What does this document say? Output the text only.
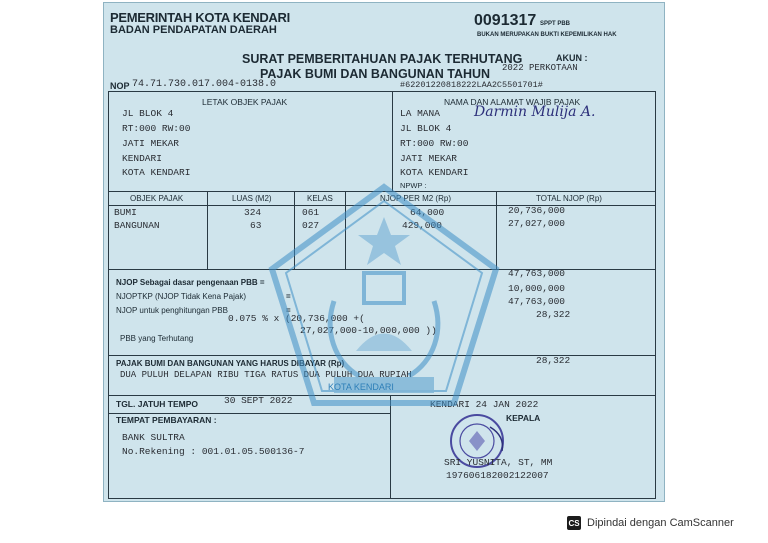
PEMERINTAH KOTA KENDARI
BADAN PENDAPATAN DAERAH
0091317 SPPT PBB
BUKAN MERUPAKAN BUKTI KEPEMILIKAN HAK
SURAT PEMBERITAHUAN PAJAK TERHUTANG
PAJAK BUMI DAN BANGUNAN TAHUN
AKUN :
2022 PERKOTAAN
NOP 74.71.730.017.004-0138.0	#62201220818222LAA2C5501701#
LETAK OBJEK PAJAK
JL BLOK 4
RT:000 RW:00
JATI MEKAR
KENDARI
KOTA KENDARI
NAMA DAN ALAMAT WAJIB PAJAK
Darmin Mulija A.
LA MANA
JL BLOK 4
RT:000 RW:00
JATI MEKAR
KOTA KENDARI
NPWP :
OBJEK PAJAK	LUAS (M2)	KELAS	NJOP PER M2 (Rp)	TOTAL NJOP (Rp)
BUMI	324	061	64,000	20,736,000
BANGUNAN	63	027	429,000	27,027,000
NJOP Sebagai dasar pengenaan PBB =
47,763,000
NJOPTKP (NJOP Tidak Kena Pajak)	=
10,000,000
NJOP untuk penghitungan PBB	=
47,763,000
0.075 % x (20,736,000 +(
27,027,000-10,000,000 ))
28,322
PBB yang Terhutang
PAJAK BUMI DAN BANGUNAN YANG HARUS DIBAYAR (Rp)	28,322
DUA PULUH DELAPAN RIBU TIGA RATUS DUA PULUH DUA RUPIAH
TGL. JATUH TEMPO	30 SEPT 2022
TEMPAT PEMBAYARAN :
BANK SULTRA
No.Rekening : 001.01.05.500136-7
KENDARI 24 JAN 2022
KEPALA
SRI YUSNITA, ST, MM
197606182002122007
KOTA KENDARI
CS Dipindai dengan CamScanner
